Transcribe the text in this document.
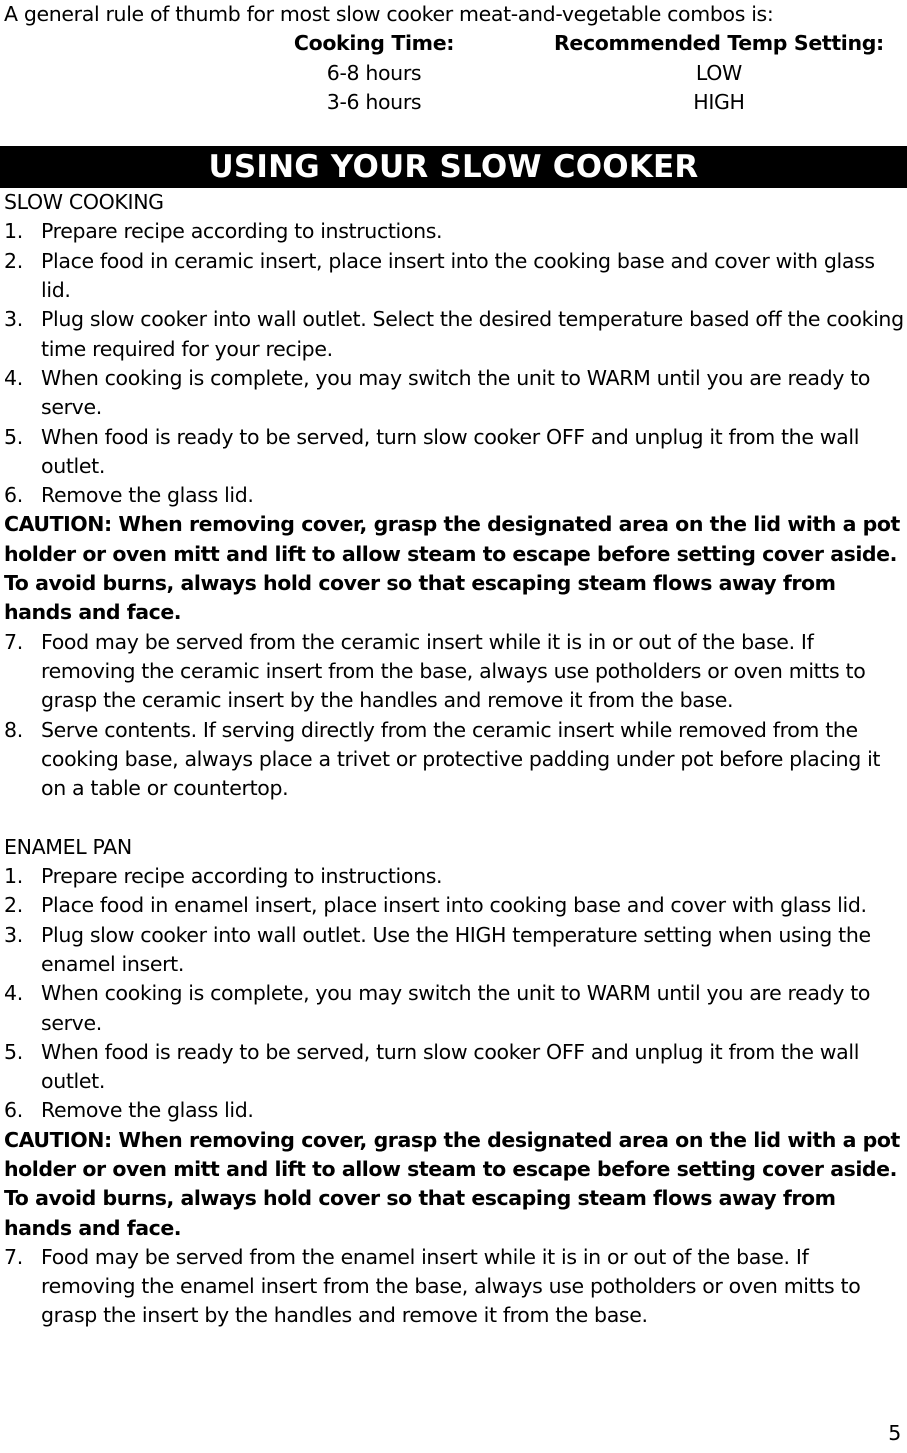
A general rule of thumb for most slow cooker meat-and-vegetable combos is:

Cooking Time:	Recommended Temp Setting:
6-8 hours	LOW
3-6 hours	HIGH
USING YOUR SLOW COOKER

SLOW COOKING

1. Prepare recipe according to instructions.
2. Place food in ceramic insert, place insert into the cooking base and cover with glass lid.
3. Plug slow cooker into wall outlet. Select the desired temperature based off the cooking time required for your recipe.
4. When cooking is complete, you may switch the unit to WARM until you are ready to serve.
5. When food is ready to be served, turn slow cooker OFF and unplug it from the wall outlet.
6. Remove the glass lid.

CAUTION: When removing cover, grasp the designated area on the lid with a pot holder or oven mitt and lift to allow steam to escape before setting cover aside. To avoid burns, always hold cover so that escaping steam flows away from hands and face.

7. Food may be served from the ceramic insert while it is in or out of the base. If removing the ceramic insert from the base, always use potholders or oven mitts to grasp the ceramic insert by the handles and remove it from the base.
8. Serve contents. If serving directly from the ceramic insert while removed from the cooking base, always place a trivet or protective padding under pot before placing it on a table or countertop.

ENAMEL PAN

1. Prepare recipe according to instructions.
2. Place food in enamel insert, place insert into cooking base and cover with glass lid.
3. Plug slow cooker into wall outlet. Use the HIGH temperature setting when using the enamel insert.
4. When cooking is complete, you may switch the unit to WARM until you are ready to serve.
5. When food is ready to be served, turn slow cooker OFF and unplug it from the wall outlet.
6. Remove the glass lid.

CAUTION: When removing cover, grasp the designated area on the lid with a pot holder or oven mitt and lift to allow steam to escape before setting cover aside. To avoid burns, always hold cover so that escaping steam flows away from hands and face.

7. Food may be served from the enamel insert while it is in or out of the base. If removing the enamel insert from the base, always use potholders or oven mitts to grasp the insert by the handles and remove it from the base.
5
